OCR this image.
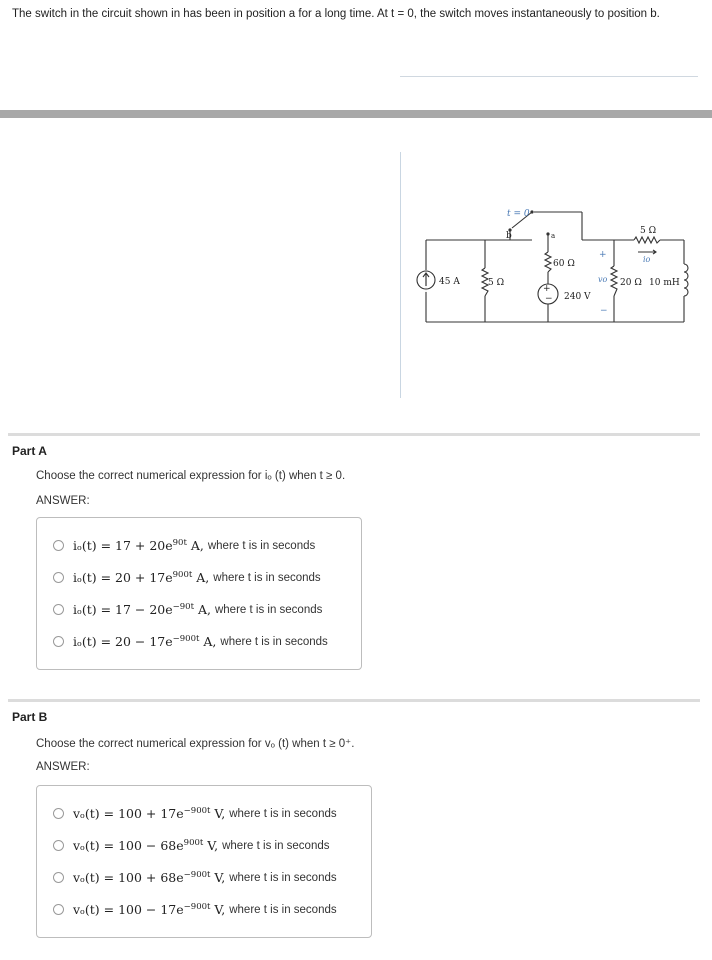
The switch in the circuit shown in has been in position a for a long time. At t = 0, the switch moves instantaneously to position b.
45 A	5 Ω
t = 0
b	a
60 Ω
+
− 240 V
5 Ω
io
+
vo
−
20 Ω 10 mH
Part A
Choose the correct numerical expression for iₒ (t) when t ≥ 0.
ANSWER:
$i_o(t) = 17 + 20e^{90t}$ A, where t is in seconds
$i_o(t) = 20 + 17e^{900t}$ A, where t is in seconds
$i_o(t) = 17 - 20e^{-90t}$ A, where t is in seconds
$i_o(t) = 20 - 17e^{-900t}$ A, where t is in seconds
Part B
Choose the correct numerical expression for vₒ (t) when t ≥ 0⁺.
ANSWER:
$v_o(t) = 100 + 17e^{-900t}$ V, where t is in seconds
$v_o(t) = 100 - 68e^{900t}$ V, where t is in seconds
$v_o(t) = 100 + 68e^{-900t}$ V, where t is in seconds
$v_o(t) = 100 - 17e^{-900t}$ V, where t is in seconds
